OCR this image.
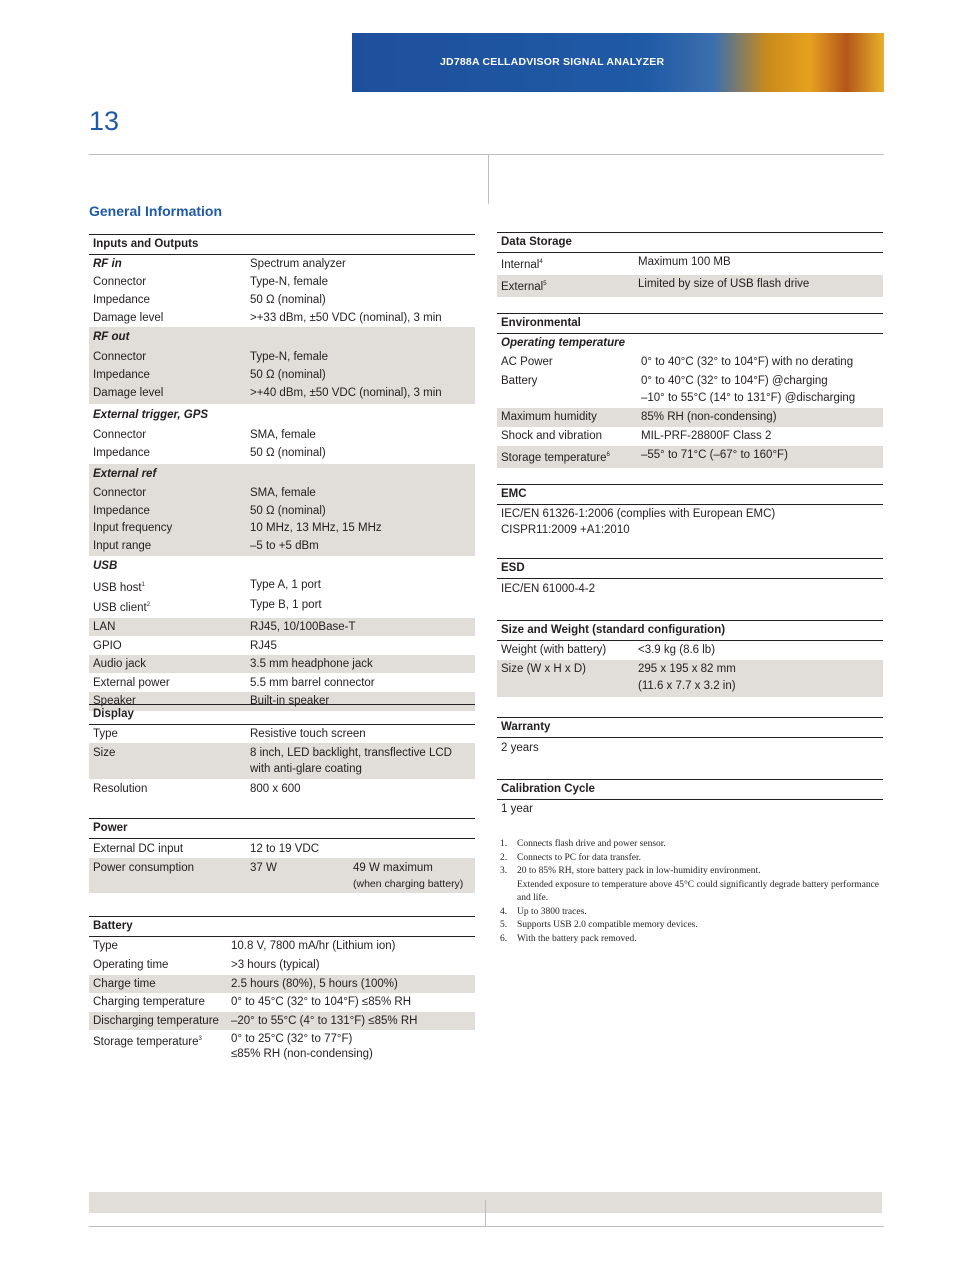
JD788A CELLADVISOR SIGNAL ANALYZER
13
General Information
Inputs and Outputs
RF in	Spectrum analyzer
Connector	Type-N, female
Impedance	50 Ω (nominal)
Damage level	>+33 dBm, ±50 VDC (nominal), 3 min
RF out
Connector	Type-N, female
Impedance	50 Ω (nominal)
Damage level	>+40 dBm, ±50 VDC (nominal), 3 min
External trigger, GPS
Connector	SMA, female
Impedance	50 Ω (nominal)
External ref
Connector	SMA, female
Impedance	50 Ω (nominal)
Input frequency	10 MHz, 13 MHz, 15 MHz
Input range	–5 to +5 dBm
USB
USB host$^1$	Type A, 1 port
USB client$^2$	Type B, 1 port
LAN	RJ45, 10/100Base-T
GPIO	RJ45
Audio jack	3.5 mm headphone jack
External power	5.5 mm barrel connector
Speaker	Built-in speaker
Display
Type	Resistive touch screen
Size	8 inch, LED backlight, transflective LCD
with anti-glare coating
Resolution	800 x 600
Power
External DC input	12 to 19 VDC
Power consumption	37 W	49 W maximum
(when charging battery)
Battery
Type	10.8 V, 7800 mA/hr (Lithium ion)
Operating time	>3 hours (typical)
Charge time	2.5 hours (80%), 5 hours (100%)
Charging temperature	0° to 45°C (32° to 104°F) ≤85% RH
Discharging temperature	–20° to 55°C (4° to 131°F) ≤85% RH
Storage temperature$^3$	0° to 25°C (32° to 77°F)
≤85% RH (non-condensing)
Data Storage
Internal$^4$	Maximum 100 MB
External$^5$	Limited by size of USB flash drive
Environmental
Operating temperature
AC Power	0° to 40°C (32° to 104°F) with no derating
Battery	0° to 40°C (32° to 104°F) @charging
–10° to 55°C (14° to 131°F) @discharging
Maximum humidity	85% RH (non-condensing)
Shock and vibration	MIL-PRF-28800F Class 2
Storage temperature$^6$	–55° to 71°C (–67° to 160°F)
EMC
IEC/EN 61326-1:2006 (complies with European EMC)
CISPR11:2009 +A1:2010
ESD
IEC/EN 61000-4-2
Size and Weight (standard configuration)
Weight (with battery)	<3.9 kg (8.6 lb)
Size (W x H x D)	295 x 195 x 82 mm
(11.6 x 7.7 x 3.2 in)
Warranty
2 years
Calibration Cycle
1 year
1.	Connects flash drive and power sensor.
2.	Connects to PC for data transfer.
3.	20 to 85% RH, store battery pack in low-humidity environment.
Extended exposure to temperature above 45°C could significantly degrade battery performance and life.
4.	Up to 3800 traces.
5.	Supports USB 2.0 compatible memory devices.
6.	With the battery pack removed.
